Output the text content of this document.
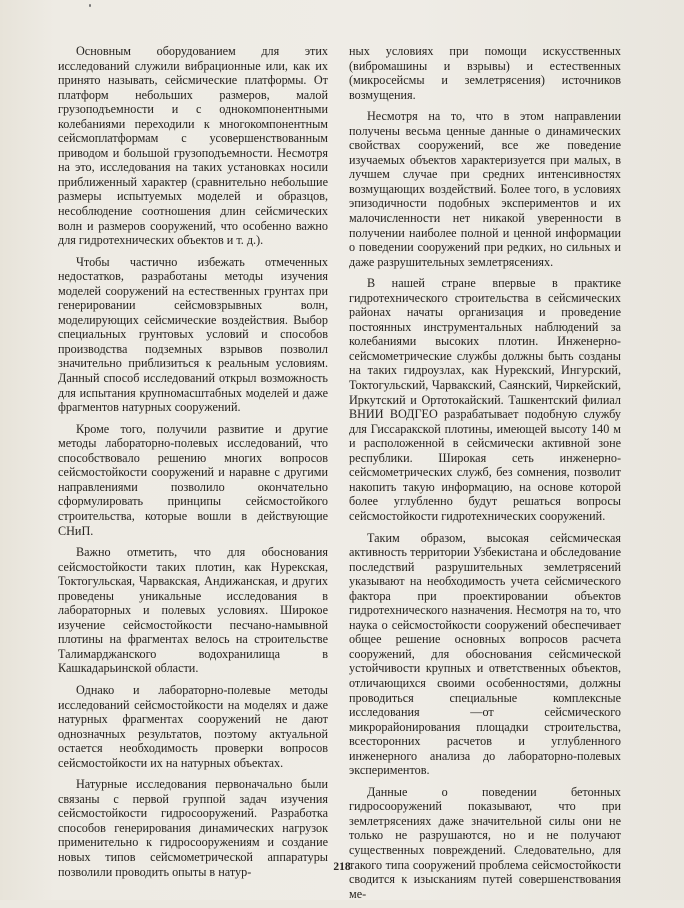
Основным оборудованием для этих исследований служили вибрационные или, как их принято называть, сейсмические платформы. От платформ небольших размеров, малой грузоподъемности и с однокомпонентными колебаниями переходили к многокомпонентным сейсмоплатформам с усовершенствованным приводом и большой грузоподъемности. Несмотря на это, исследования на таких установках носили приближенный характер (сравнительно небольшие размеры испытуемых моделей и образцов, несоблюдение соотношения длин сейсмических волн и размеров сооружений, что особенно важно для гидротехнических объектов и т. д.).

Чтобы частично избежать отмеченных недостатков, разработаны методы изучения моделей сооружений на естественных грунтах при генерировании сейсмовзрывных волн, моделирующих сейсмические воздействия. Выбор специальных грунтовых условий и способов производства подземных взрывов позволил значительно приблизиться к реальным условиям. Данный способ исследований открыл возможность для испытания крупномасштабных моделей и даже фрагментов натурных сооружений.

Кроме того, получили развитие и другие методы лабораторно-полевых исследований, что способствовало решению многих вопросов сейсмостойкости сооружений и наравне с другими направлениями позволило окончательно сформулировать принципы сейсмостойкого строительства, которые вошли в действующие СНиП.

Важно отметить, что для обоснования сейсмостойкости таких плотин, как Нурекская, Токтогульская, Чарвакская, Андижанская, и других проведены уникальные исследования в лабораторных и полевых условиях. Широкое изучение сейсмостойкости песчано-намывной плотины на фрагментах велось на строительстве Талимарджанского водохранилища в Кашкадарьинской области.

Однако и лабораторно-полевые методы исследований сейсмостойкости на моделях и даже натурных фрагментах сооружений не дают однозначных результатов, поэтому актуальной остается необходимость проверки вопросов сейсмостойкости их на натурных объектах.

Натурные исследования первоначально были связаны с первой группой задач изучения сейсмостойкости гидросооружений. Разработка способов генерирования динамических нагрузок применительно к гидросооружениям и создание новых типов сейсмометрической аппаратуры позволили проводить опыты в натур-

ных условиях при помощи искусственных (вибромашины и взрывы) и естественных (микросейсмы и землетрясения) источников возмущения.

Несмотря на то, что в этом направлении получены весьма ценные данные о динамических свойствах сооружений, все же поведение изучаемых объектов характеризуется при малых, в лучшем случае при средних интенсивностях возмущающих воздействий. Более того, в условиях эпизодичности подобных экспериментов и их малочисленности нет никакой уверенности в получении наиболее полной и ценной информации о поведении сооружений при редких, но сильных и даже разрушительных землетрясениях.

В нашей стране впервые в практике гидротехнического строительства в сейсмических районах начаты организация и проведение постоянных инструментальных наблюдений за колебаниями высоких плотин. Инженерно-сейсмометрические службы должны быть созданы на таких гидроузлах, как Нурекский, Ингурский, Токтогульский, Чарвакский, Саянский, Чиркейский, Иркутский и Ортотокайский. Ташкентский филиал ВНИИ ВОДГЕО разрабатывает подобную службу для Гиссаракской плотины, имеющей высоту 140 м и расположенной в сейсмически активной зоне республики. Широкая сеть инженерно-сейсмометрических служб, без сомнения, позволит накопить такую информацию, на основе которой более углубленно будут решаться вопросы сейсмостойкости гидротехнических сооружений.

Таким образом, высокая сейсмическая активность территории Узбекистана и обследование последствий разрушительных землетрясений указывают на необходимость учета сейсмического фактора при проектировании объектов гидротехнического назначения. Несмотря на то, что наука о сейсмостойкости сооружений обеспечивает общее решение основных вопросов расчета сооружений, для обоснования сейсмической устойчивости крупных и ответственных объектов, отличающихся своими особенностями, должны проводиться специальные комплексные исследования —от сейсмического микрорайонирования площадки строительства, всесторонних расчетов и углубленного инженерного анализа до лабораторно-полевых экспериментов.

Данные о поведении бетонных гидросооружений показывают, что при землетрясениях даже значительной силы они не только не разрушаются, но и не получают существенных повреждений. Следовательно, для такого типа сооружений проблема сейсмостойкости сводится к изысканиям путей совершенствования ме-

218
